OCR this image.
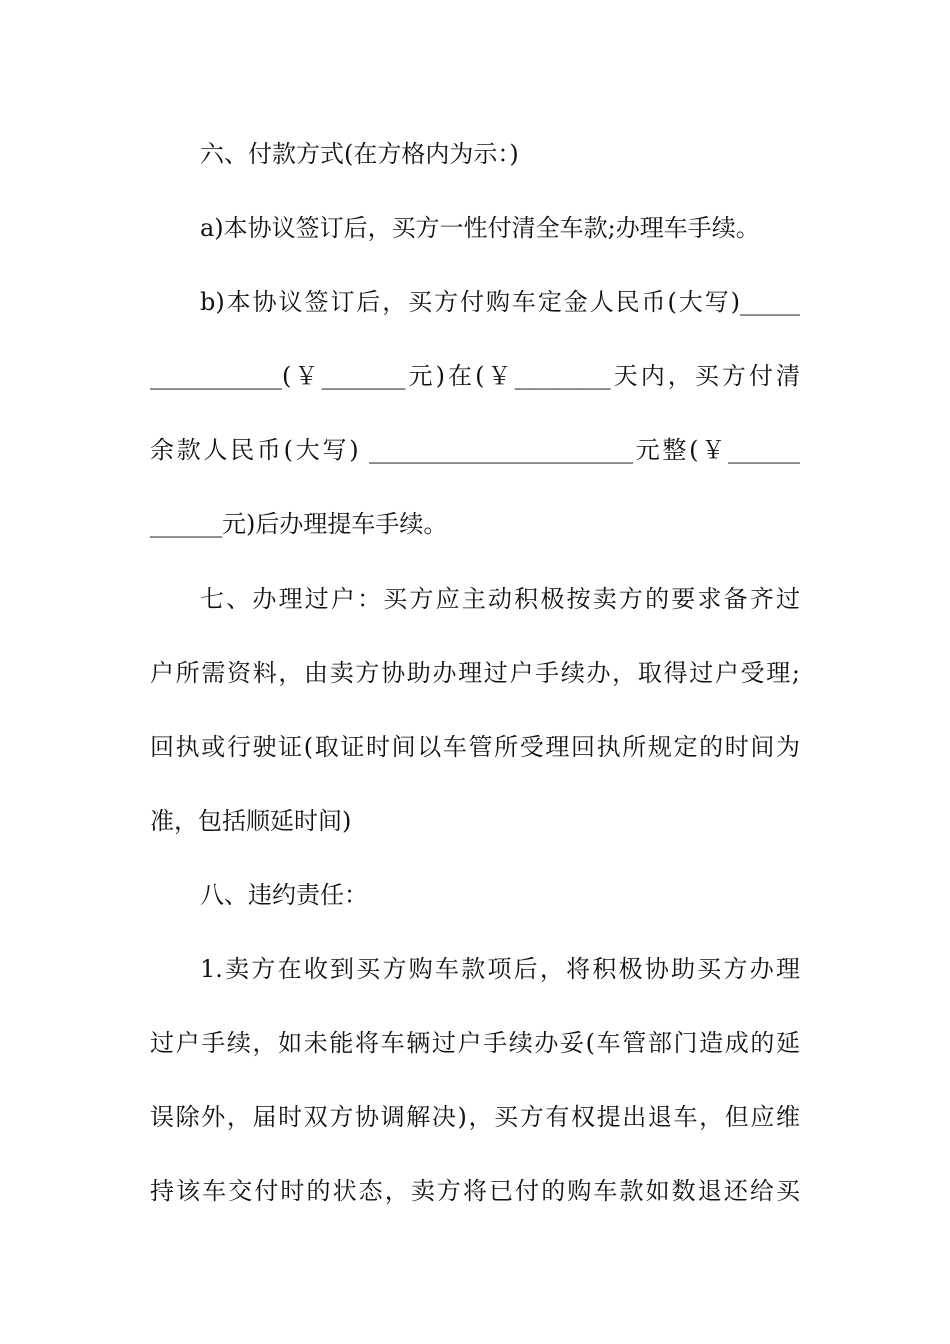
六、付款方式(在方格内为示：)
a)本协议签订后，买方一性付清全车款;办理车手续。
b)本协议签订后，买方付购车定金人民币(大写)_____
___________(￥_______元)在(￥________天内，买方付清
余款人民币(大写) ______________________元整(￥______
______元)后办理提车手续。
七、办理过户：买方应主动积极按卖方的要求备齐过
户所需资料，由卖方协助办理过户手续办，取得过户受理;
回执或行驶证(取证时间以车管所受理回执所规定的时间为
准，包括顺延时间)
八、违约责任：
1.卖方在收到买方购车款项后，将积极协助买方办理
过户手续，如未能将车辆过户手续办妥(车管部门造成的延
误除外，届时双方协调解决)，买方有权提出退车，但应维
持该车交付时的状态，卖方将已付的购车款如数退还给买
